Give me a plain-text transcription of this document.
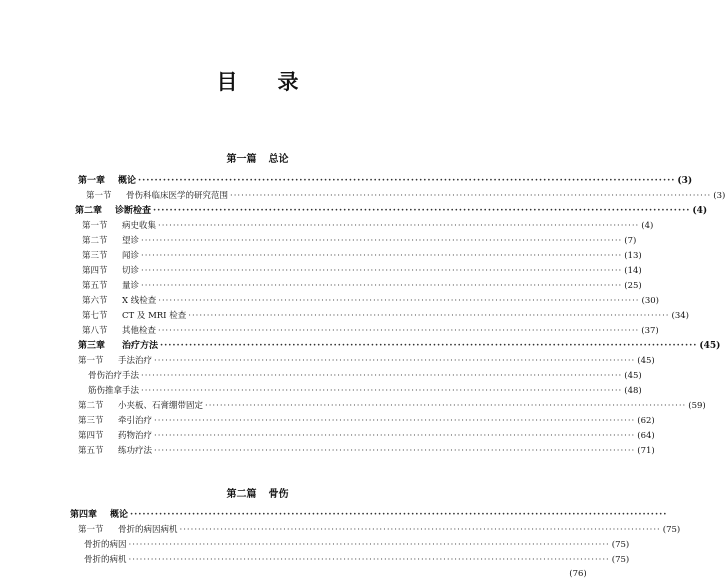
目 录
第一篇 总论
第二篇 骨伤
第一章	概论 ·································································································································· (3)
第一节	骨伤科临床医学的研究范围 ·································································································································· (3)
第二章	诊断检查 ·································································································································· (4)
第一节	病史收集 ·································································································································· (4)
第二节	望诊 ·································································································································· (7)
第三节	闻诊 ·································································································································· (13)
第四节	切诊 ·································································································································· (14)
第五节	量诊 ·································································································································· (25)
第六节	X 线检查 ·································································································································· (30)
第七节	CT 及 MRI 检查 ·································································································································· (34)
第八节	其他检查 ·································································································································· (37)
第三章	治疗方法 ·································································································································· (45)
第一节	手法治疗 ·································································································································· (45)
骨伤治疗手法 ·································································································································· (45)
筋伤推拿手法 ·································································································································· (48)
第二节	小夹板、石膏绷带固定 ·································································································································· (59)
第三节	牵引治疗 ·································································································································· (62)
第四节	药物治疗 ·································································································································· (64)
第五节	练功疗法 ·································································································································· (71)
第四章	概论 ··································································································································
第一节	骨折的病因病机 ·································································································································· (75)
骨折的病因 ·································································································································· (75)
骨折的病机 ·································································································································· (75)
(76)
